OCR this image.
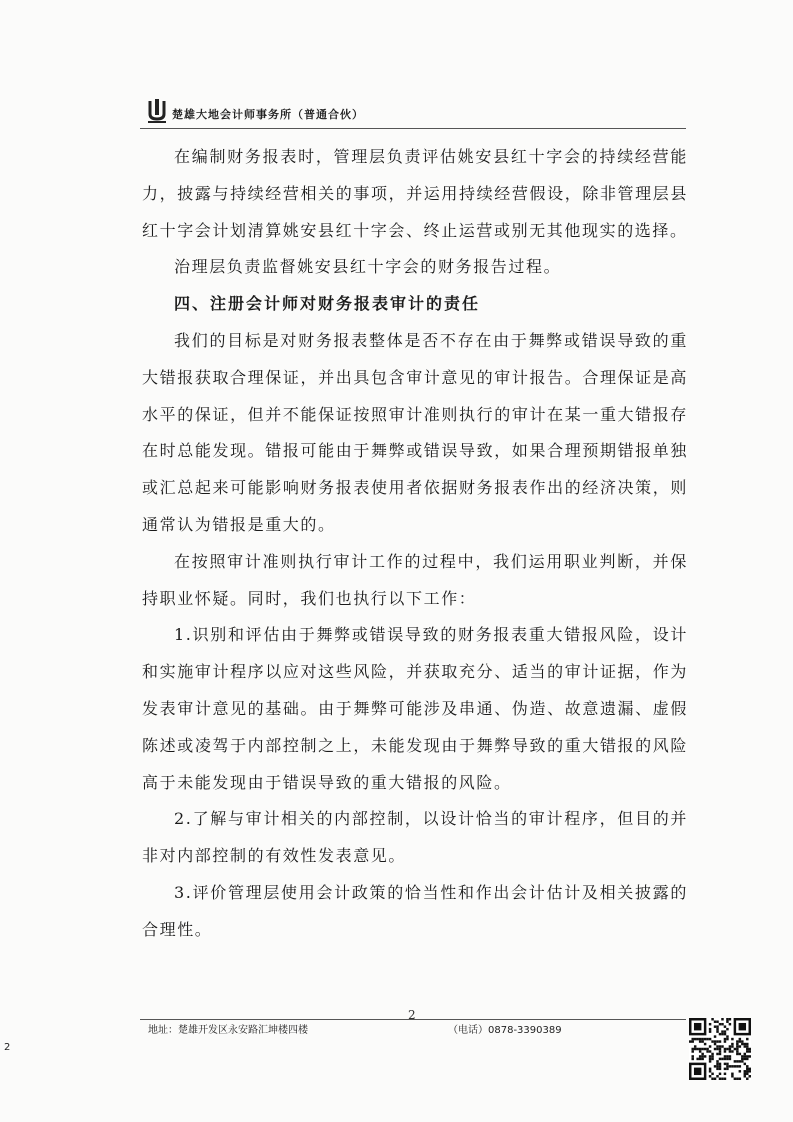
楚雄大地会计师事务所（普通合伙）

在编制财务报表时，管理层负责评估姚安县红十字会的持续经营能力，披露与持续经营相关的事项，并运用持续经营假设，除非管理层县红十字会计划清算姚安县红十字会、终止运营或别无其他现实的选择。

治理层负责监督姚安县红十字会的财务报告过程。

四、注册会计师对财务报表审计的责任

我们的目标是对财务报表整体是否不存在由于舞弊或错误导致的重大错报获取合理保证，并出具包含审计意见的审计报告。合理保证是高水平的保证，但并不能保证按照审计准则执行的审计在某一重大错报存在时总能发现。错报可能由于舞弊或错误导致，如果合理预期错报单独或汇总起来可能影响财务报表使用者依据财务报表作出的经济决策，则通常认为错报是重大的。

在按照审计准则执行审计工作的过程中，我们运用职业判断，并保持职业怀疑。同时，我们也执行以下工作：

1.识别和评估由于舞弊或错误导致的财务报表重大错报风险，设计和实施审计程序以应对这些风险，并获取充分、适当的审计证据，作为发表审计意见的基础。由于舞弊可能涉及串通、伪造、故意遗漏、虚假陈述或凌驾于内部控制之上，未能发现由于舞弊导致的重大错报的风险高于未能发现由于错误导致的重大错报的风险。

2.了解与审计相关的内部控制，以设计恰当的审计程序，但目的并非对内部控制的有效性发表意见。

3.评价管理层使用会计政策的恰当性和作出会计估计及相关披露的合理性。

2
地址：楚雄开发区永安路汇坤楼四楼	（电话）0878-3390389
2
